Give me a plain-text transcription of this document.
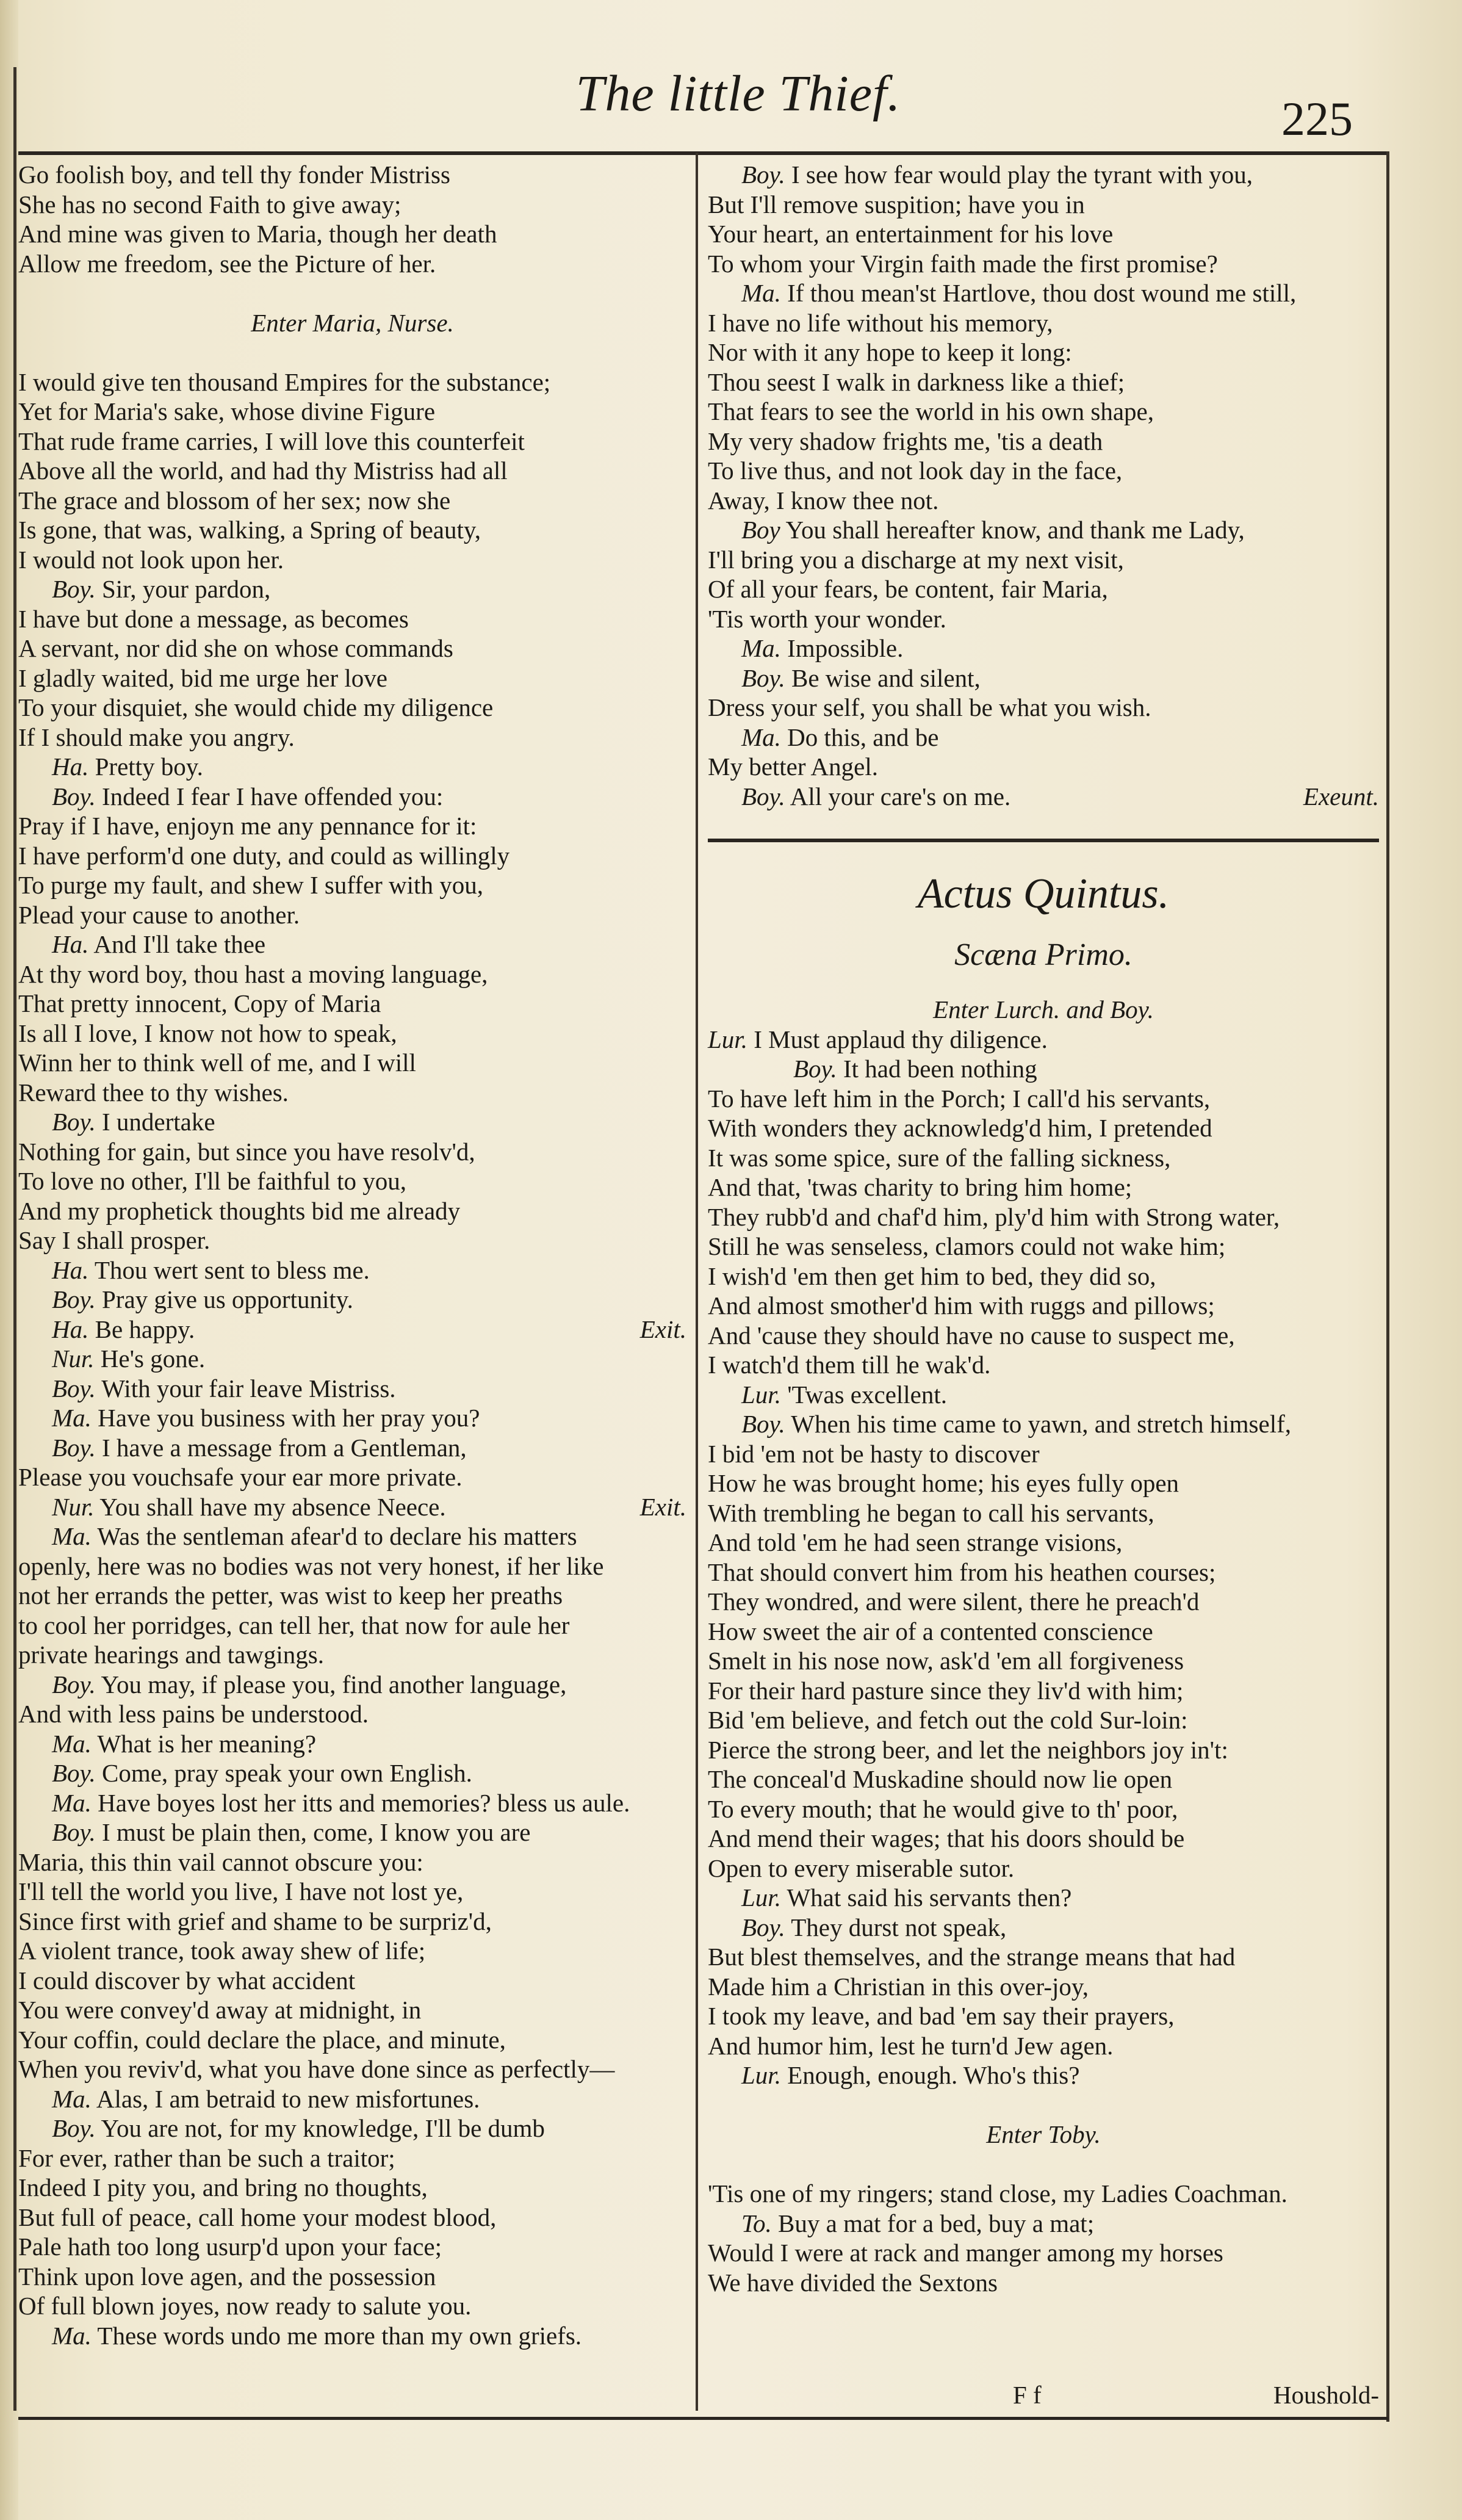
The little Thief.	225
Go foolish boy, and tell thy fonder Mistriss
She has no second Faith to give away;
And mine was given to Maria, though her death
Allow me freedom, see the Picture of her.
Enter Maria, Nurse.
I would give ten thousand Empires for the substance;
Yet for Maria's sake, whose divine Figure
That rude frame carries, I will love this counterfeit
Above all the world, and had thy Mistriss had all
The grace and blossom of her sex; now she
Is gone, that was, walking, a Spring of beauty,
I would not look upon her.
Boy. Sir, your pardon,
I have but done a message, as becomes
A servant, nor did she on whose commands
I gladly waited, bid me urge her love
To your disquiet, she would chide my diligence
If I should make you angry.
Ha. Pretty boy.
Boy. Indeed I fear I have offended you:
Pray if I have, enjoyn me any pennance for it:
I have perform'd one duty, and could as willingly
To purge my fault, and shew I suffer with you,
Plead your cause to another.
Ha. And I'll take thee
At thy word boy, thou hast a moving language,
That pretty innocent, Copy of Maria
Is all I love, I know not how to speak,
Winn her to think well of me, and I will
Reward thee to thy wishes.
Boy. I undertake
Nothing for gain, but since you have resolv'd,
To love no other, I'll be faithful to you,
And my prophetick thoughts bid me already
Say I shall prosper.
Ha. Thou wert sent to bless me.
Boy. Pray give us opportunity.
Ha. Be happy.	Exit.
Nur. He's gone.
Boy. With your fair leave Mistriss.
Ma. Have you business with her pray you?
Boy. I have a message from a Gentleman,
Please you vouchsafe your ear more private.
Nur. You shall have my absence Neece.	Exit.
Ma. Was the sentleman afear'd to declare his matters
openly, here was no bodies was not very honest, if her like
not her errands the petter, was wist to keep her preaths
to cool her porridges, can tell her, that now for aule her
private hearings and tawgings.
Boy. You may, if please you, find another language,
And with less pains be understood.
Ma. What is her meaning?
Boy. Come, pray speak your own English.
Ma. Have boyes lost her itts and memories? bless us aule.
Boy. I must be plain then, come, I know you are
Maria, this thin vail cannot obscure you:
I'll tell the world you live, I have not lost ye,
Since first with grief and shame to be surpriz'd,
A violent trance, took away shew of life;
I could discover by what accident
You were convey'd away at midnight, in
Your coffin, could declare the place, and minute,
When you reviv'd, what you have done since as perfectly—
Ma. Alas, I am betraid to new misfortunes.
Boy. You are not, for my knowledge, I'll be dumb
For ever, rather than be such a traitor;
Indeed I pity you, and bring no thoughts,
But full of peace, call home your modest blood,
Pale hath too long usurp'd upon your face;
Think upon love agen, and the possession
Of full blown joyes, now ready to salute you.
Ma. These words undo me more than my own griefs.
Boy. I see how fear would play the tyrant with you,
But I'll remove suspition; have you in
Your heart, an entertainment for his love
To whom your Virgin faith made the first promise?
Ma. If thou mean'st Hartlove, thou dost wound me still,
I have no life without his memory,
Nor with it any hope to keep it long:
Thou seest I walk in darkness like a thief;
That fears to see the world in his own shape,
My very shadow frights me, 'tis a death
To live thus, and not look day in the face,
Away, I know thee not.
Boy You shall hereafter know, and thank me Lady,
I'll bring you a discharge at my next visit,
Of all your fears, be content, fair Maria,
'Tis worth your wonder.
Ma. Impossible.
Boy. Be wise and silent,
Dress your self, you shall be what you wish.
Ma. Do this, and be
My better Angel.
Boy. All your care's on me.	Exeunt.
Actus Quintus.
Scæna Primo.
Enter Lurch. and Boy.
Lur. I Must applaud thy diligence.
Boy. It had been nothing
To have left him in the Porch; I call'd his servants,
With wonders they acknowledg'd him, I pretended
It was some spice, sure of the falling sickness,
And that, 'twas charity to bring him home;
They rubb'd and chaf'd him, ply'd him with Strong water,
Still he was senseless, clamors could not wake him;
I wish'd 'em then get him to bed, they did so,
And almost smother'd him with ruggs and pillows;
And 'cause they should have no cause to suspect me,
I watch'd them till he wak'd.
Lur. 'Twas excellent.
Boy. When his time came to yawn, and stretch himself,
I bid 'em not be hasty to discover
How he was brought home; his eyes fully open
With trembling he began to call his servants,
And told 'em he had seen strange visions,
That should convert him from his heathen courses;
They wondred, and were silent, there he preach'd
How sweet the air of a contented conscience
Smelt in his nose now, ask'd 'em all forgiveness
For their hard pasture since they liv'd with him;
Bid 'em believe, and fetch out the cold Sur-loin:
Pierce the strong beer, and let the neighbors joy in't:
The conceal'd Muskadine should now lie open
To every mouth; that he would give to th' poor,
And mend their wages; that his doors should be
Open to every miserable sutor.
Lur. What said his servants then?
Boy. They durst not speak,
But blest themselves, and the strange means that had
Made him a Christian in this over-joy,
I took my leave, and bad 'em say their prayers,
And humor him, lest he turn'd Jew agen.
Lur. Enough, enough. Who's this?
Enter Toby.
'Tis one of my ringers; stand close, my Ladies Coachman.
To. Buy a mat for a bed, buy a mat;
Would I were at rack and manger among my horses
We have divided the Sextons
F f	Houshold-
